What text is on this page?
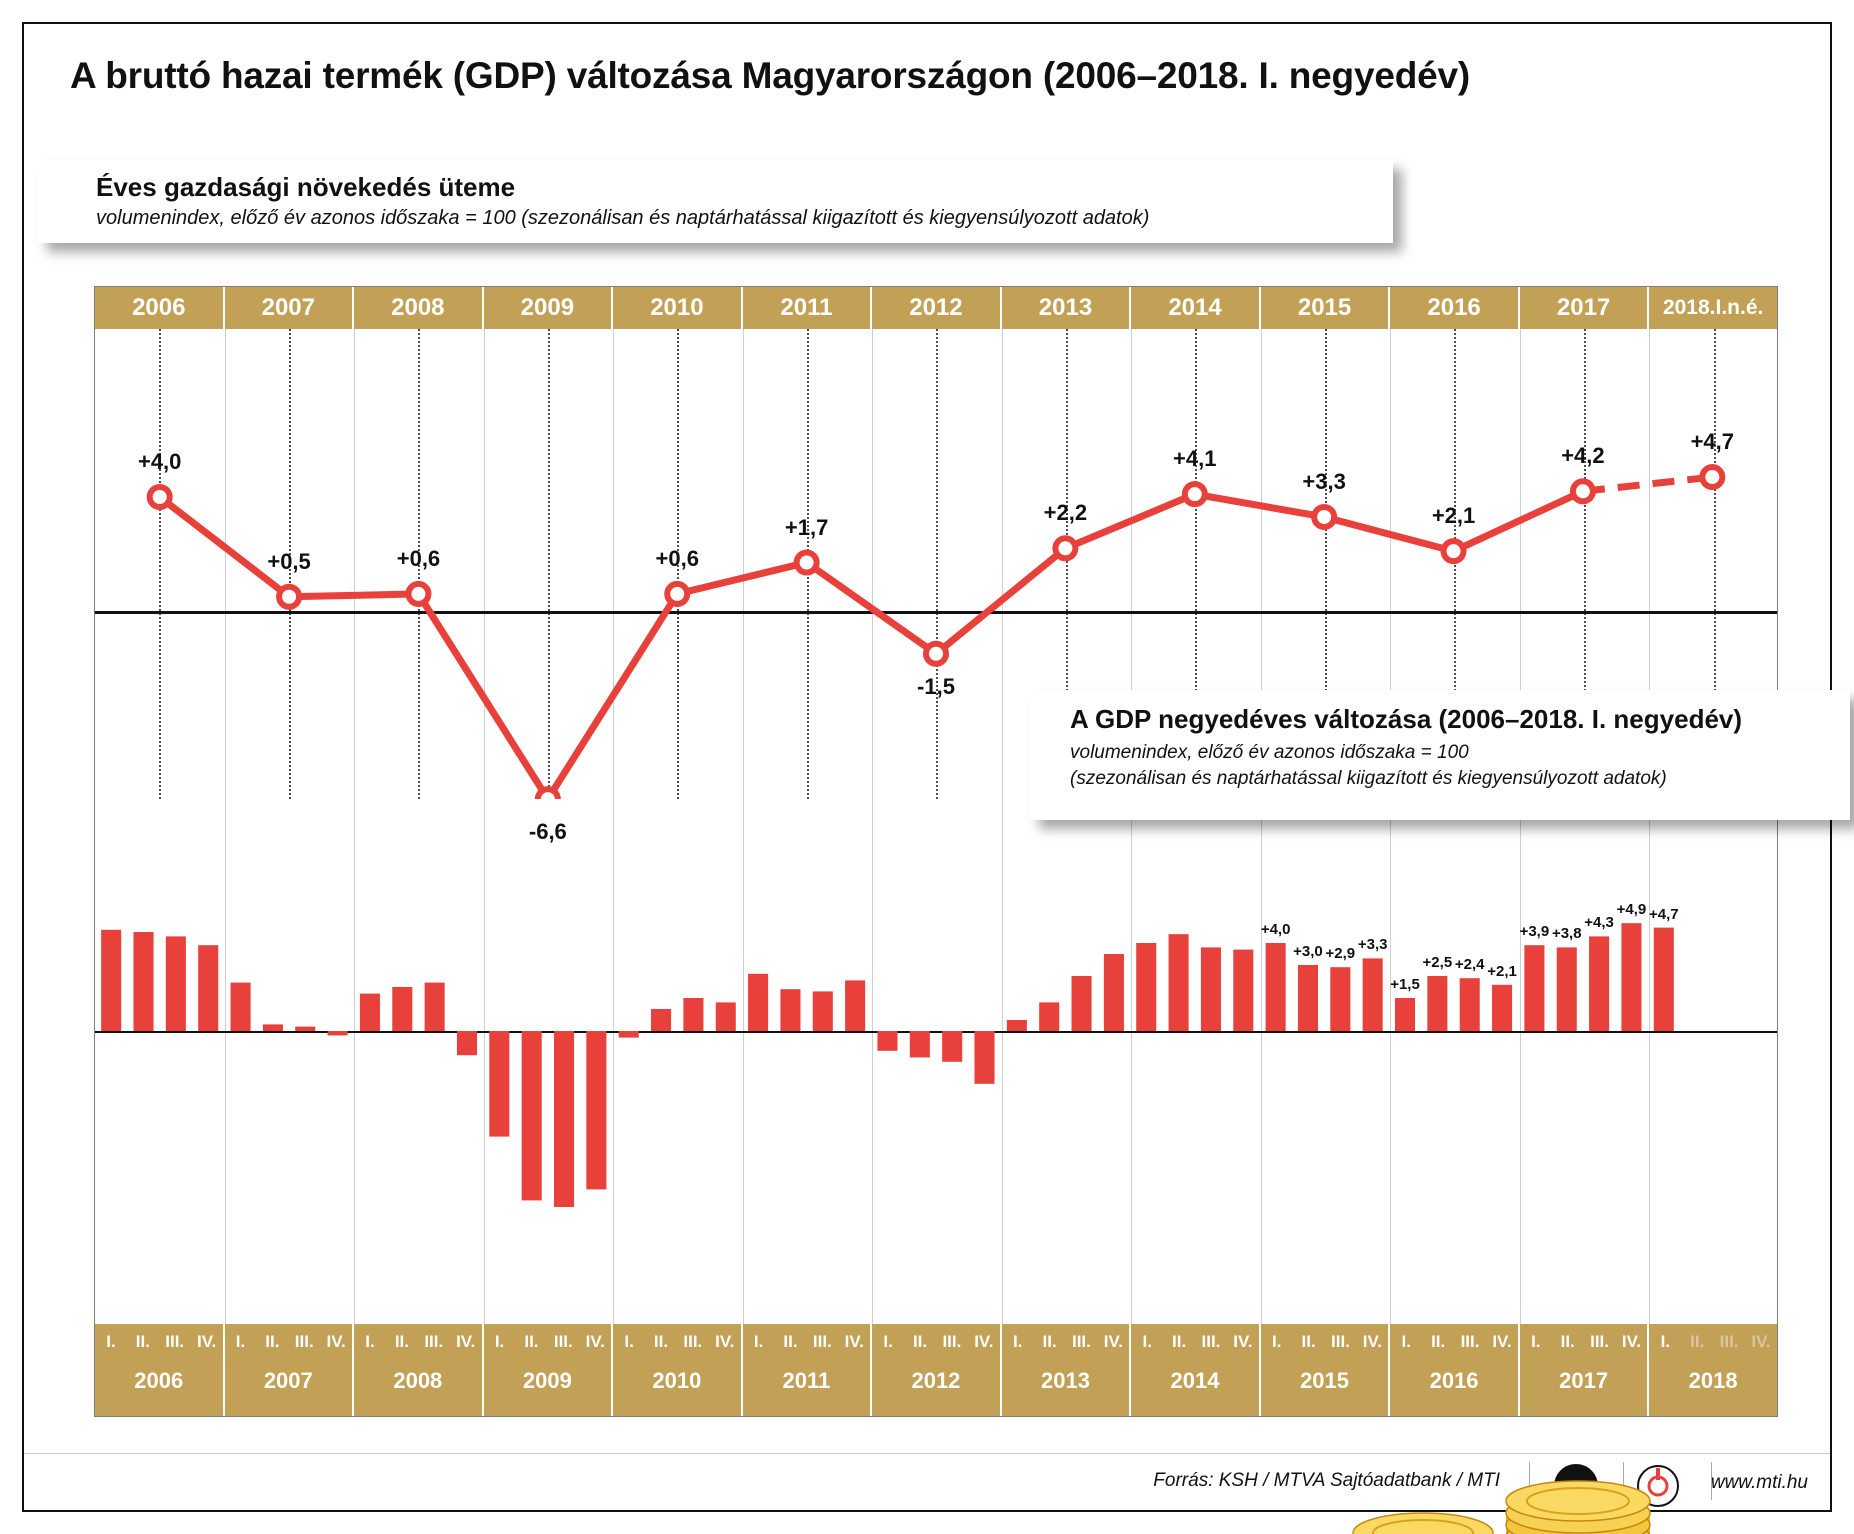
A bruttó hazai termék (GDP) változása Magyarországon (2006–2018. I. negyedév)
Éves gazdasági növekedés üteme
volumenindex, előző év azonos időszaka = 100 (szezonálisan és naptárhatással kiigazított és kiegyensúlyozott adatok)
2006	2007	2008	2009	2010	2011	2012	2013	2014	2015	2016	2017	2018.I.n.é.
+4,0
+0,5	+0,6
-6,6
+0,6
+1,7
-1,5
+2,2
+4,1
+3,3
+2,1
+4,2
+4,7
+4,0
+3,0 +2,9
+3,3
+1,5
+2,5 +2,4 +2,1
+3,9 +3,8
+4,3
+4,9 +4,7
I.	II. III. IV.
2006
I.	II. III. IV.
2007
I.	II. III. IV.
2008
I.	II. III. IV.
2009
I.	II. III. IV.
2010
I.	II. III. IV.
2011
I.	II. III. IV.
2012
I.	II. III. IV.
2013
I.	II. III. IV.
2014
I.	II. III. IV.
2015
I.	II. III. IV.
2016
I.	II. III. IV.
2017
I.	II. III. IV.
2018
A GDP negyedéves változása (2006–2018. I. negyedév)
volumenindex, előző év azonos időszaka = 100
(szezonálisan és naptárhatással kiigazított és kiegyensúlyozott adatok)
Forrás: KSH / MTVA Sajtóadatbank / MTI	www.mti.hu
